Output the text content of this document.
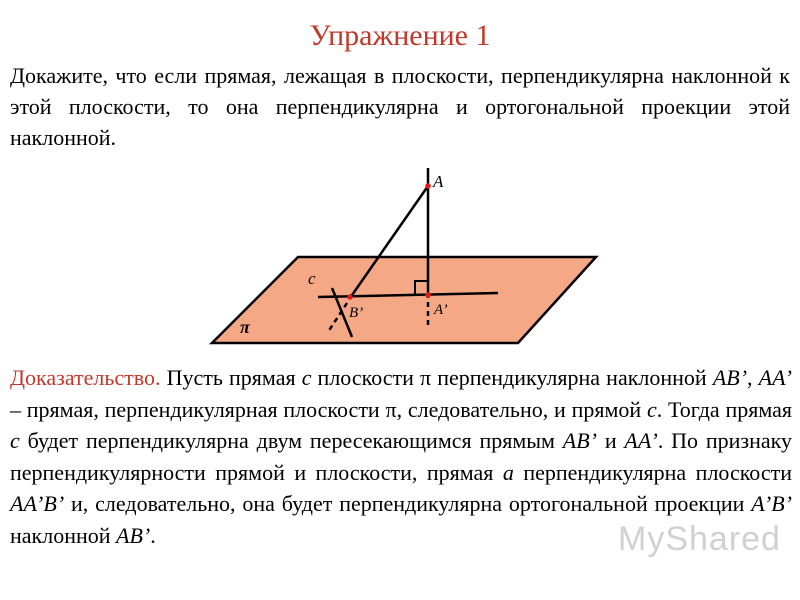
Упражнение 1
Докажите, что если прямая, лежащая в плоскости, перпендикулярна наклонной к этой плоскости, то она перпендикулярна и ортогональной проекции этой наклонной.
A
B’	A’
c
π
Доказательство. Пусть прямая c плоскости π перпендикулярна наклонной AB’, AA’ – прямая, перпендикулярная плоскости π, следовательно, и прямой c. Тогда прямая c будет перпендикулярна двум пересекающимся прямым AB’ и AA’. По признаку перпендикулярности прямой и плоскости, прямая a перпендикулярна плоскости AA’B’ и, следовательно, она будет перпендикулярна ортогональной проекции A’B’ наклонной AB’.	MyShared
